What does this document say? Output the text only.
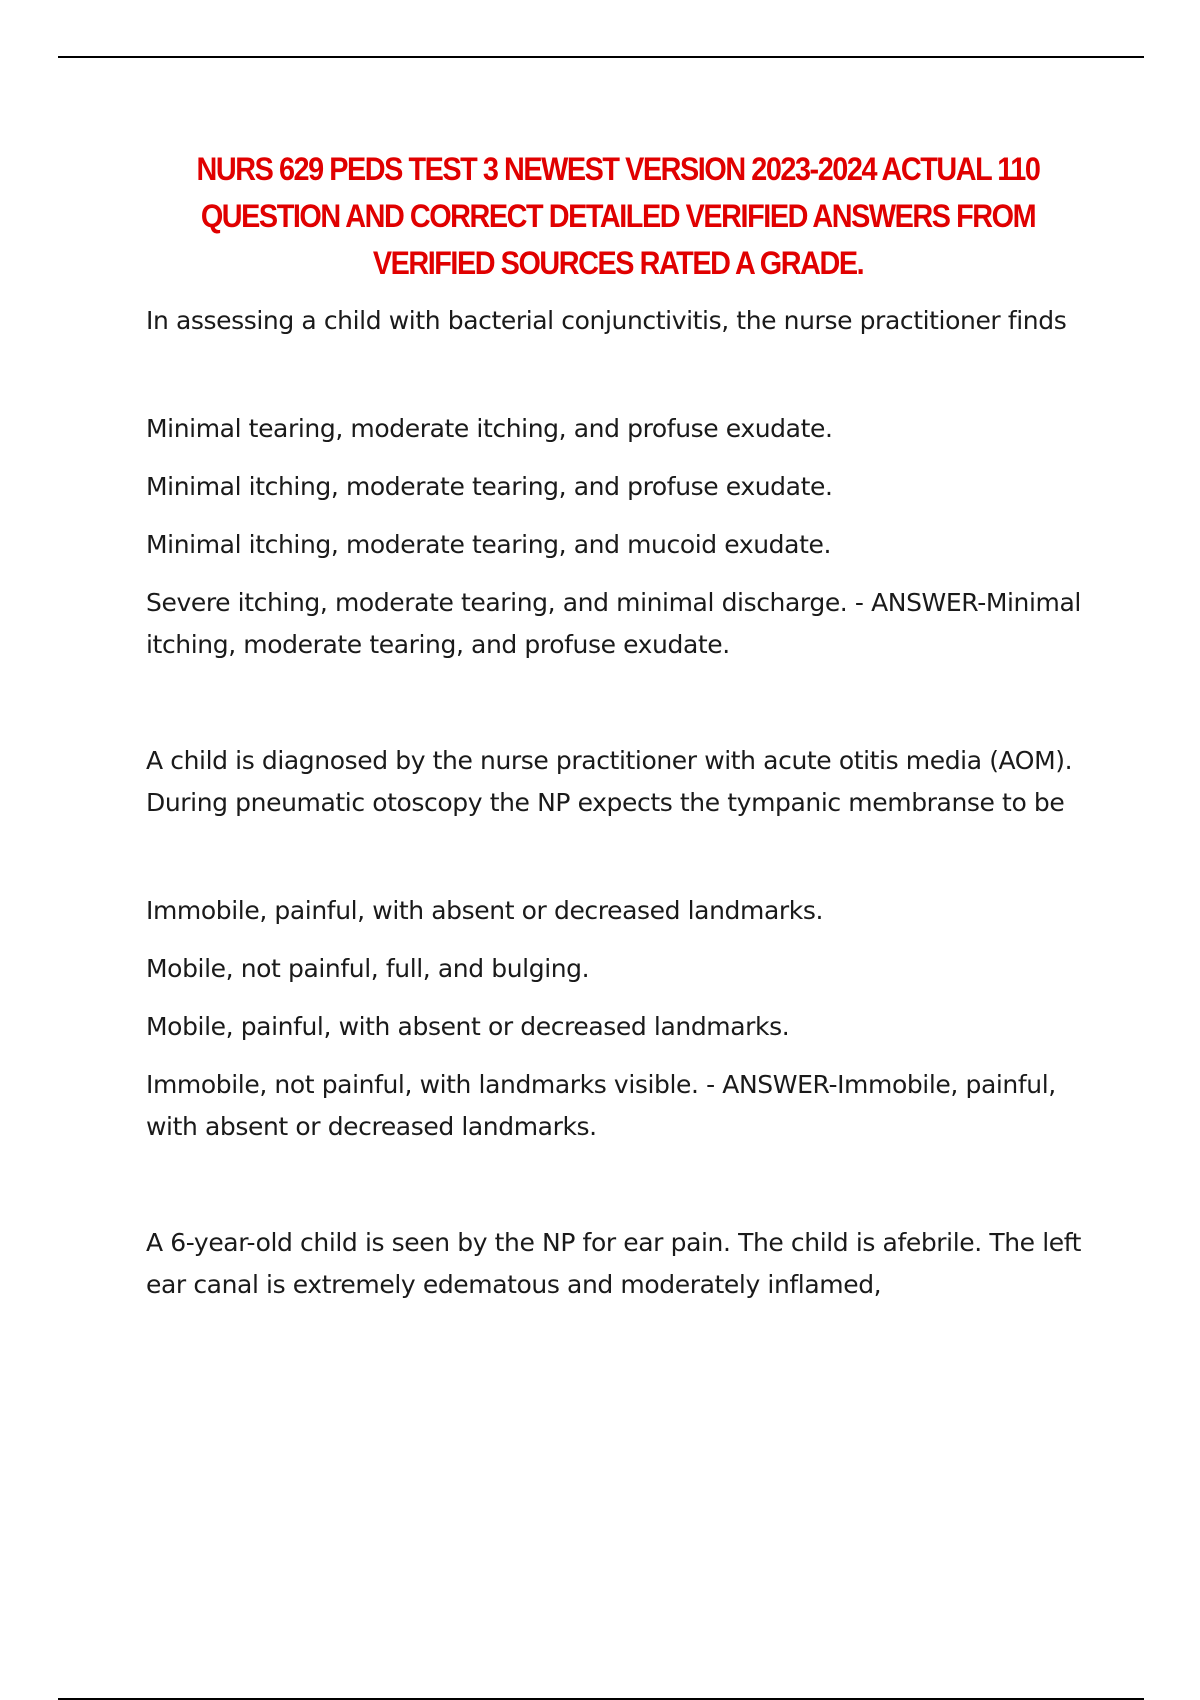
NURS 629 PEDS TEST 3 NEWEST VERSION 2023-2024 ACTUAL 110 QUESTION AND CORRECT DETAILED VERIFIED ANSWERS FROM VERIFIED SOURCES RATED A GRADE.

In assessing a child with bacterial conjunctivitis, the nurse practitioner finds

Minimal tearing, moderate itching, and profuse exudate.

Minimal itching, moderate tearing, and profuse exudate.

Minimal itching, moderate tearing, and mucoid exudate.

Severe itching, moderate tearing, and minimal discharge. - ANSWER-Minimal itching, moderate tearing, and profuse exudate.

A child is diagnosed by the nurse practitioner with acute otitis media (AOM). During pneumatic otoscopy the NP expects the tympanic membranse to be

Immobile, painful, with absent or decreased landmarks.

Mobile, not painful, full, and bulging.

Mobile, painful, with absent or decreased landmarks.

Immobile, not painful, with landmarks visible. - ANSWER-Immobile, painful, with absent or decreased landmarks.

A 6-year-old child is seen by the NP for ear pain. The child is afebrile. The left ear canal is extremely edematous and moderately inflamed,
